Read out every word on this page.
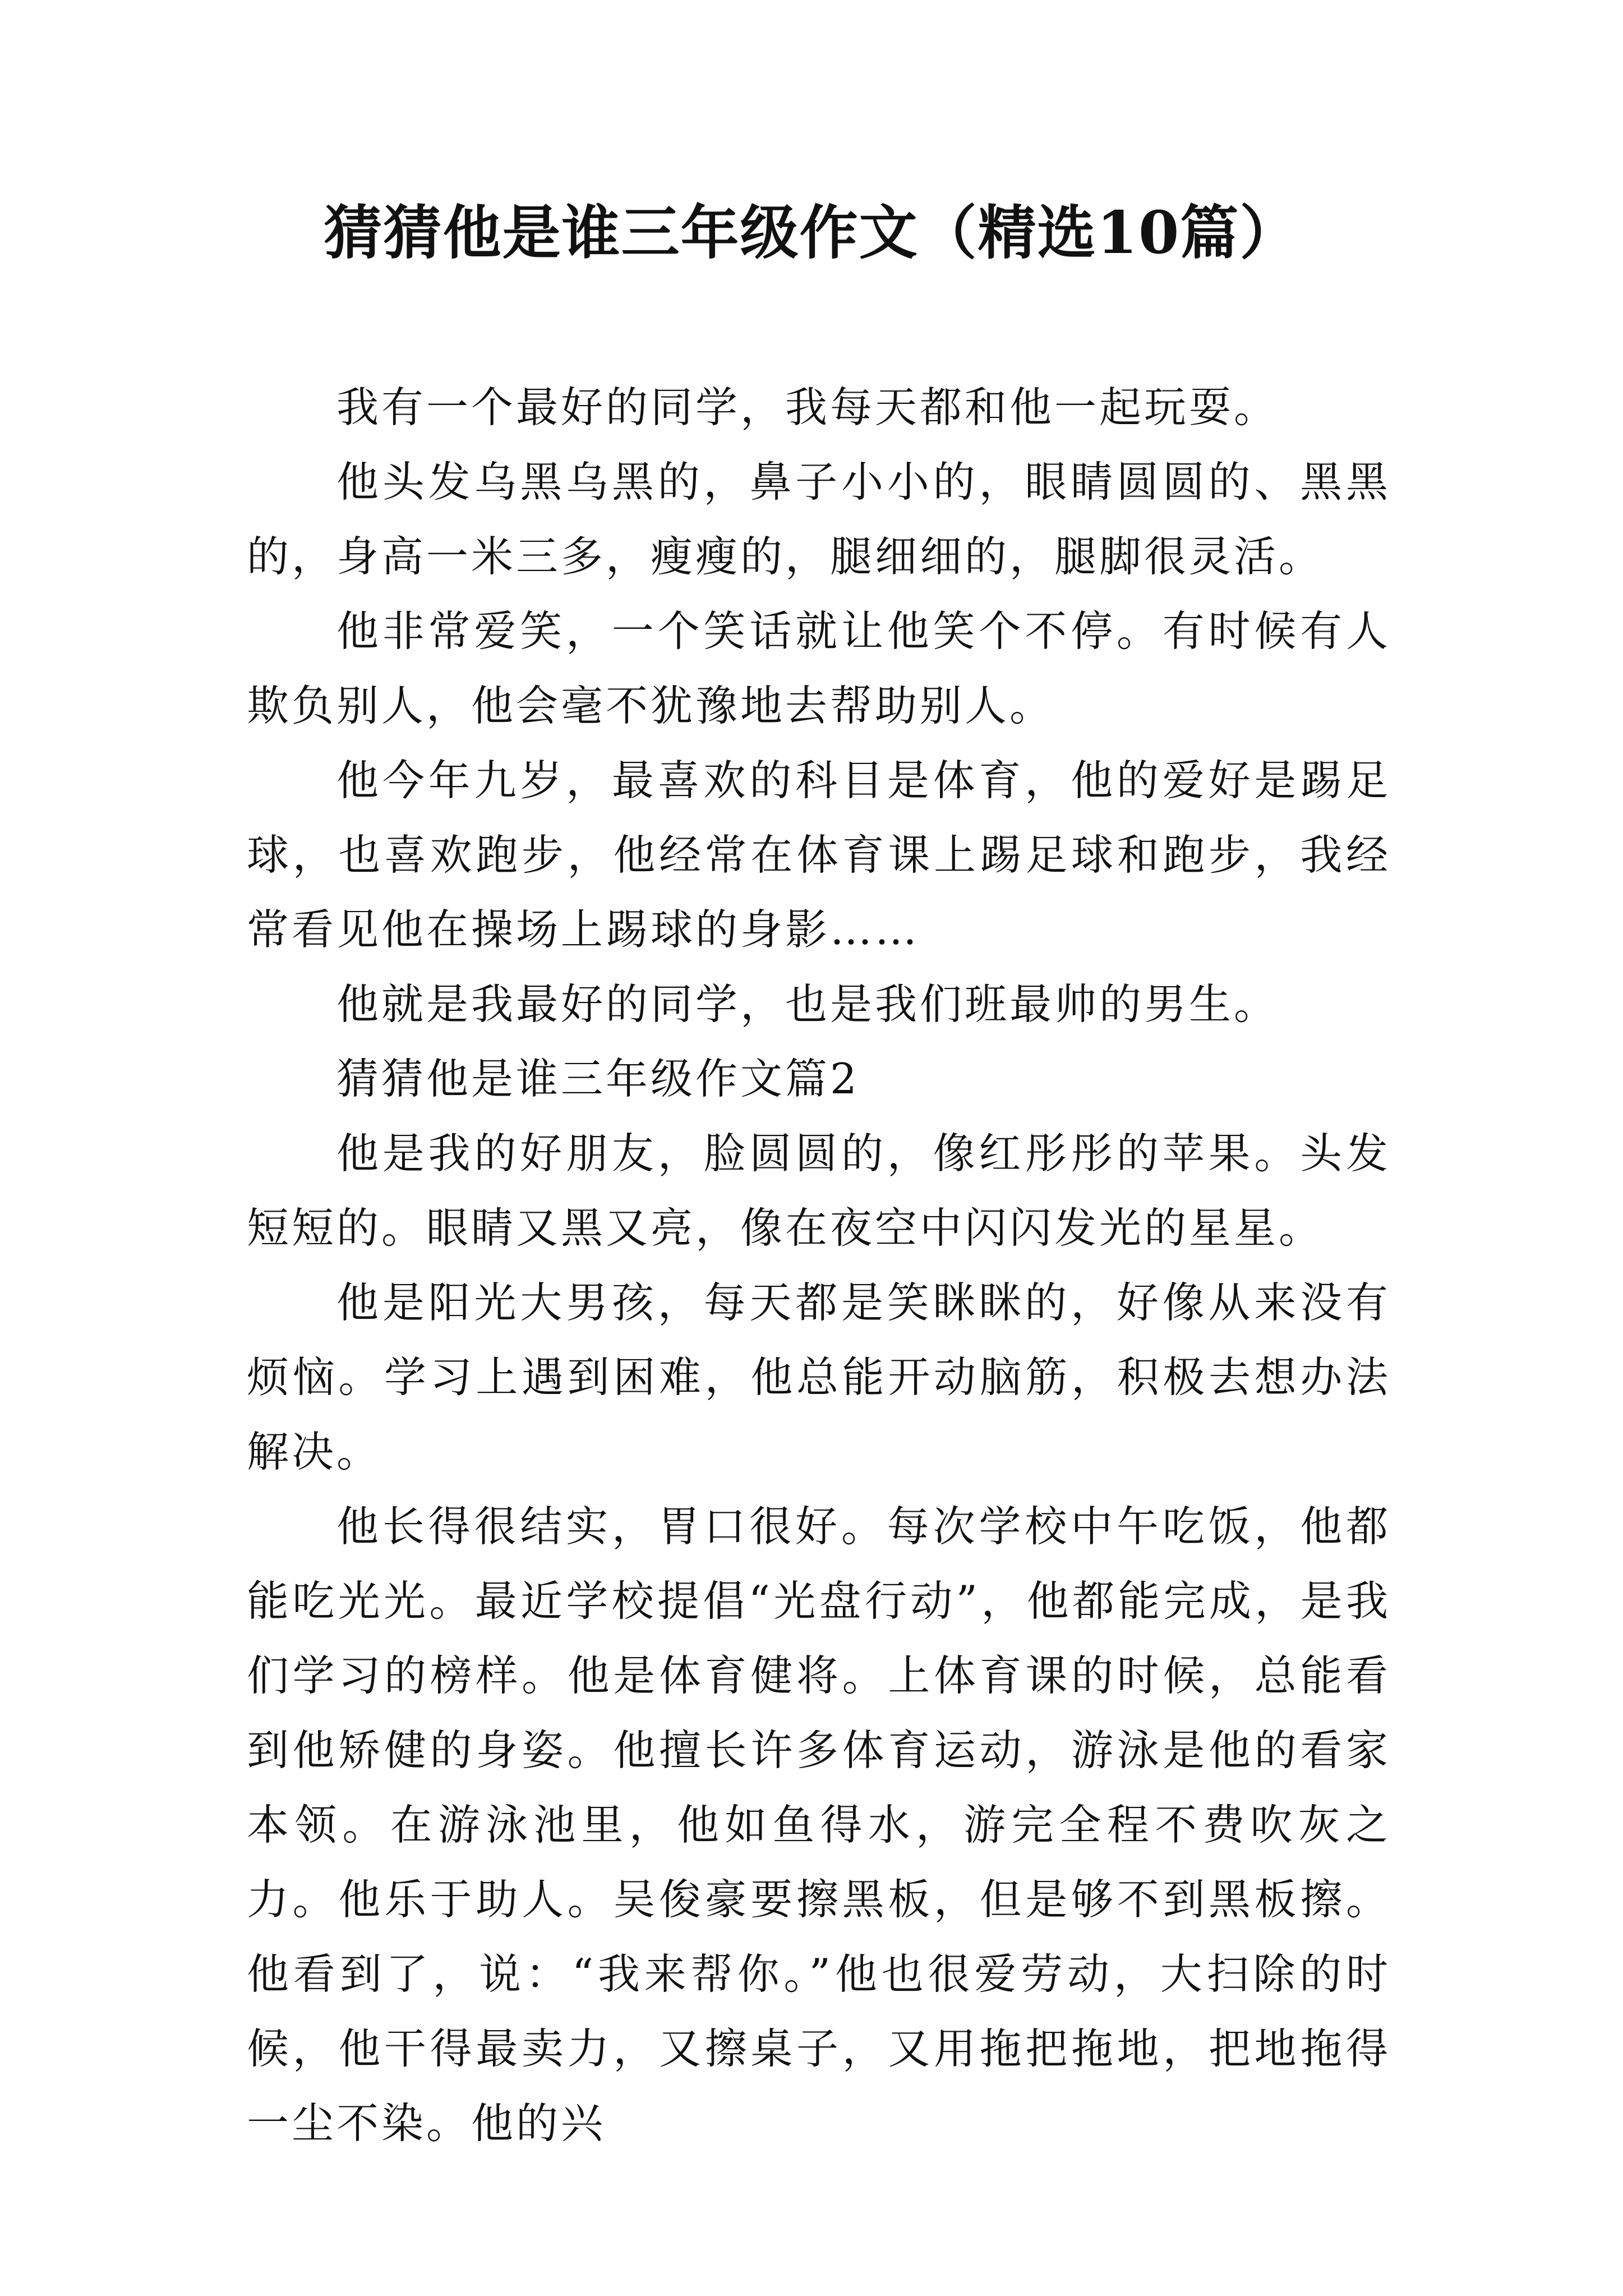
猜猜他是谁三年级作文（精选10篇）

我有一个最好的同学，我每天都和他一起玩耍。

他头发乌黑乌黑的，鼻子小小的，眼睛圆圆的、黑黑的，身高一米三多，瘦瘦的，腿细细的，腿脚很灵活。

他非常爱笑，一个笑话就让他笑个不停。有时候有人欺负别人，他会毫不犹豫地去帮助别人。

他今年九岁，最喜欢的科目是体育，他的爱好是踢足球，也喜欢跑步，他经常在体育课上踢足球和跑步，我经常看见他在操场上踢球的身影……

他就是我最好的同学，也是我们班最帅的男生。

猜猜他是谁三年级作文篇2

他是我的好朋友，脸圆圆的，像红彤彤的苹果。头发短短的。眼睛又黑又亮，像在夜空中闪闪发光的星星。

他是阳光大男孩，每天都是笑眯眯的，好像从来没有烦恼。学习上遇到困难，他总能开动脑筋，积极去想办法解决。

他长得很结实，胃口很好。每次学校中午吃饭，他都能吃光光。最近学校提倡“光盘行动”，他都能完成，是我们学习的榜样。他是体育健将。上体育课的时候，总能看到他矫健的身姿。他擅长许多体育运动，游泳是他的看家本领。在游泳池里，他如鱼得水，游完全程不费吹灰之力。他乐于助人。吴俊豪要擦黑板，但是够不到黑板擦。他看到了，说：“我来帮你。”他也很爱劳动，大扫除的时候，他干得最卖力，又擦桌子，又用拖把拖地，把地拖得一尘不染。他的兴
